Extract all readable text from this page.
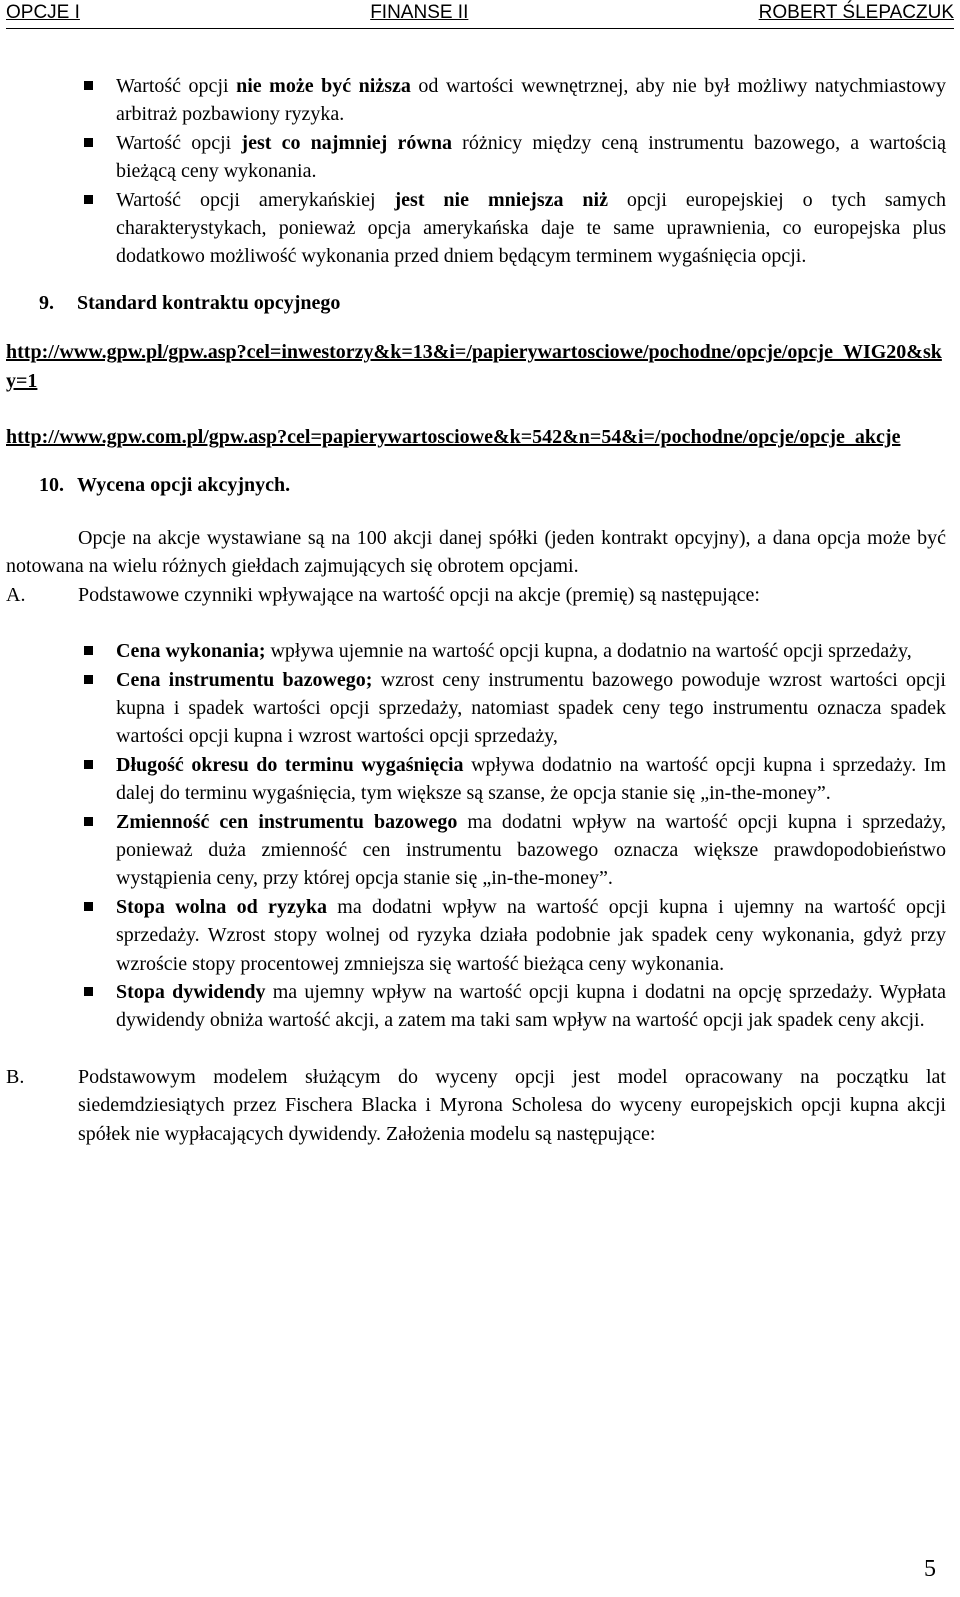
OPCJE I	FINANSE II	ROBERT ŚLEPACZUK
Wartość opcji nie może być niższa od wartości wewnętrznej, aby nie był możliwy natychmiastowy arbitraż pozbawiony ryzyka.
Wartość opcji jest co najmniej równa różnicy między ceną instrumentu bazowego, a wartością bieżącą ceny wykonania.
Wartość opcji amerykańskiej jest nie mniejsza niż opcji europejskiej o tych samych charakterystykach, ponieważ opcja amerykańska daje te same uprawnienia, co europejska plus dodatkowo możliwość wykonania przed dniem będącym terminem wygaśnięcia opcji.

9. Standard kontraktu opcyjnego

http://www.gpw.pl/gpw.asp?cel=inwestorzy&k=13&i=/papierywartosciowe/pochodne/opcje/opcje_WIG20&sky=1
http://www.gpw.com.pl/gpw.asp?cel=papierywartosciowe&k=542&n=54&i=/pochodne/opcje/opcje_akcje

10. Wycena opcji akcyjnych.

Opcje na akcje wystawiane są na 100 akcji danej spółki (jeden kontrakt opcyjny), a dana opcja może być notowana na wielu różnych giełdach zajmujących się obrotem opcjami.

A.	Podstawowe czynniki wpływające na wartość opcji na akcje (premię) są następujące:
Cena wykonania; wpływa ujemnie na wartość opcji kupna, a dodatnio na wartość opcji sprzedaży,
Cena instrumentu bazowego; wzrost ceny instrumentu bazowego powoduje wzrost wartości opcji kupna i spadek wartości opcji sprzedaży, natomiast spadek ceny tego instrumentu oznacza spadek wartości opcji kupna i wzrost wartości opcji sprzedaży,
Długość okresu do terminu wygaśnięcia wpływa dodatnio na wartość opcji kupna i sprzedaży. Im dalej do terminu wygaśnięcia, tym większe są szanse, że opcja stanie się „in-the-money”.
Zmienność cen instrumentu bazowego ma dodatni wpływ na wartość opcji kupna i sprzedaży, ponieważ duża zmienność cen instrumentu bazowego oznacza większe prawdopodobieństwo wystąpienia ceny, przy której opcja stanie się „in-the-money”.
Stopa wolna od ryzyka ma dodatni wpływ na wartość opcji kupna i ujemny na wartość opcji sprzedaży. Wzrost stopy wolnej od ryzyka działa podobnie jak spadek ceny wykonania, gdyż przy wzroście stopy procentowej zmniejsza się wartość bieżąca ceny wykonania.
Stopa dywidendy ma ujemny wpływ na wartość opcji kupna i dodatni na opcję sprzedaży. Wypłata dywidendy obniża wartość akcji, a zatem ma taki sam wpływ na wartość opcji jak spadek ceny akcji.
B.	Podstawowym modelem służącym do wyceny opcji jest model opracowany na początku lat siedemdziesiątych przez Fischera Blacka i Myrona Scholesa do wyceny europejskich opcji kupna akcji spółek nie wypłacających dywidendy. Założenia modelu są następujące:
5
